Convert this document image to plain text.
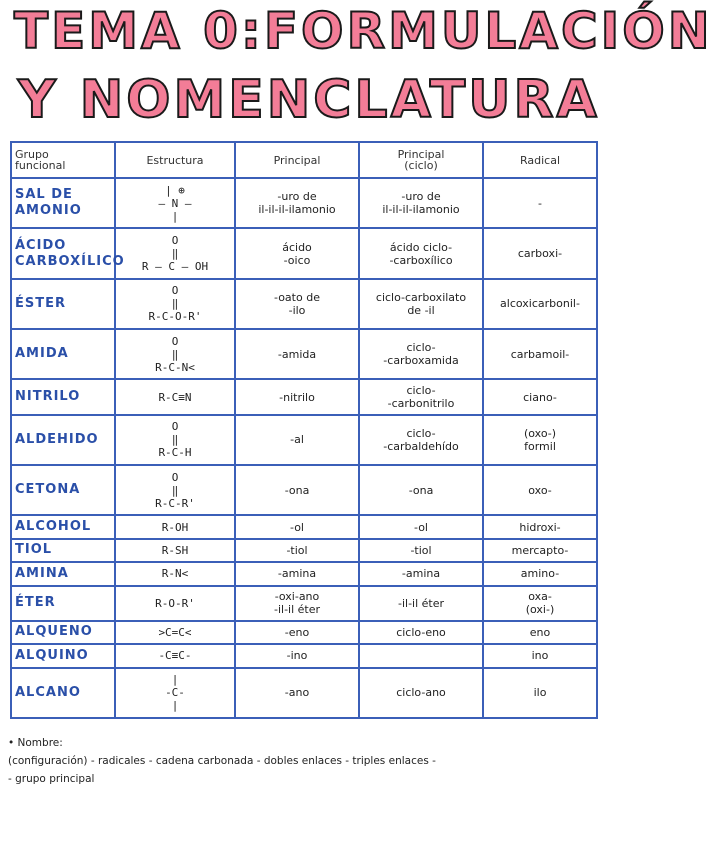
TEMA 0:FORMULACIÓN
Y NOMENCLATURA
Grupo
funcional	Estructura	Principal	Principal
(ciclo)	Radical
SAL DE
AMONIO	| ⊕
— N —
|	-uro de
il-il-il-ilamonio	-uro de
il-il-il-ilamonio	-
ÁCIDO
CARBOXÍLICO	O
‖
R – C – OH	ácido
-oico	ácido ciclo-
-carboxílico	carboxi-
ÉSTER	O
‖
R-C-O-R'	-oato de
-ilo	ciclo-carboxilato
de -il	alcoxicarbonil-
AMIDA	O
‖
R-C-N<	-amida	ciclo-
-carboxamida	carbamoil-
NITRILO	R-C≡N	-nitrilo	ciclo-
-carbonitrilo	ciano-
ALDEHIDO	O
‖
R-C-H	-al	ciclo-
-carbaldehído	(oxo-)
formil
CETONA	O
‖
R-C-R'	-ona	-ona	oxo-
ALCOHOL	R-OH	-ol	-ol	hidroxi-
TIOL	R-SH	-tiol	-tiol	mercapto-
AMINA	R-N<	-amina	-amina	amino-
ÉTER	R-O-R'	-oxi-ano
-il-il éter	-il-il éter	oxa-
(oxi-)
ALQUENO	>C=C<	-eno	ciclo-eno	eno
ALQUINO	-C≡C-	-ino		ino
ALCANO	|
-C-
|	-ano	ciclo-ano	ilo
• Nombre:
(configuración) - radicales - cadena carbonada - dobles enlaces - triples enlaces -
- grupo principal
